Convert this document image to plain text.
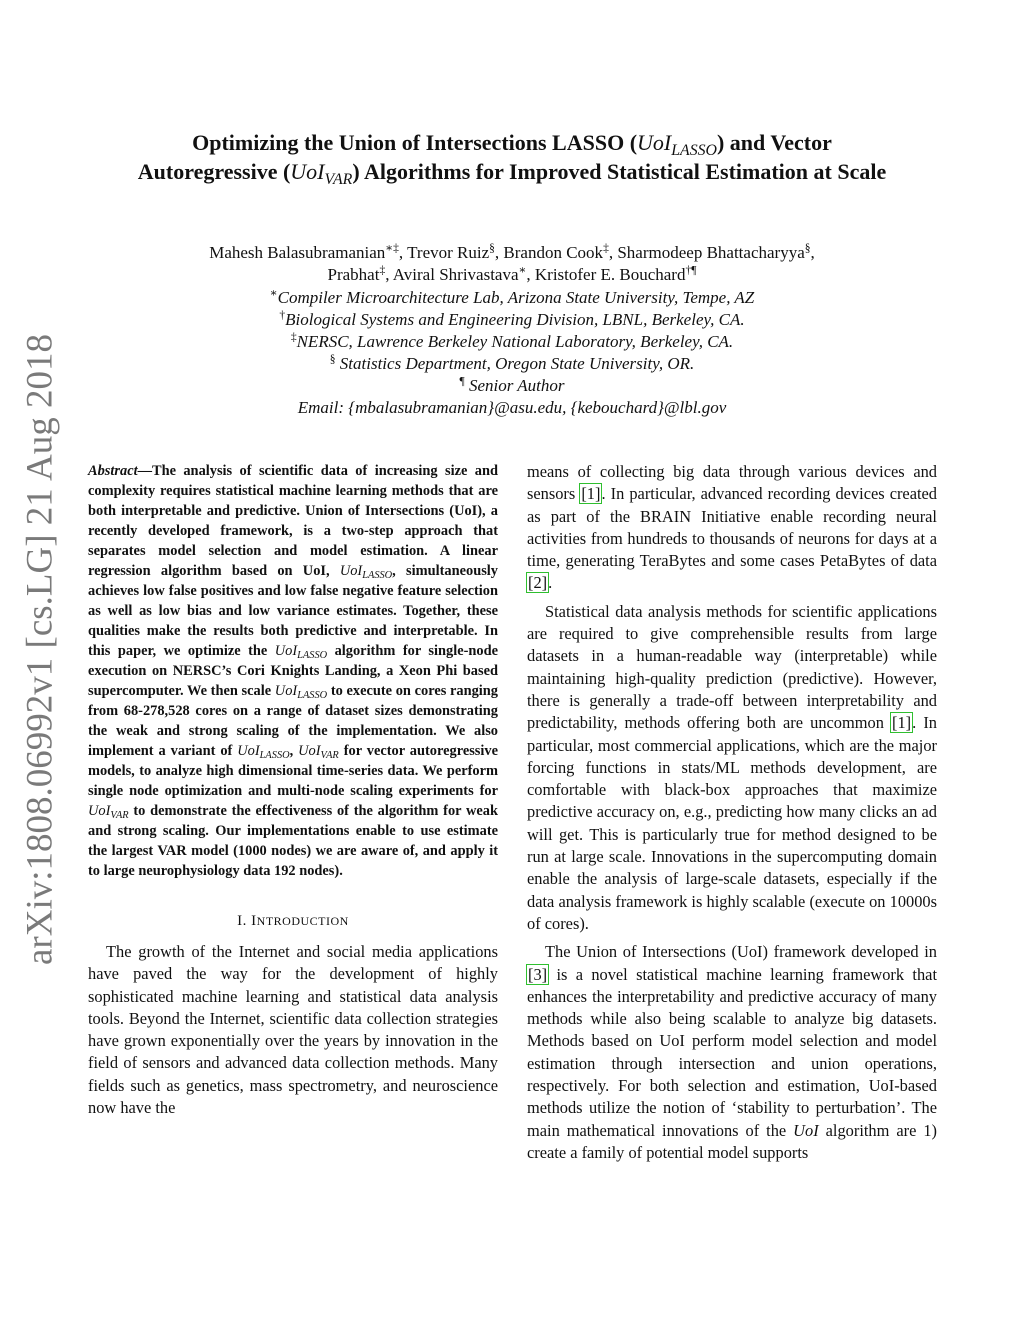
arXiv:1808.06992v1 [cs.LG] 21 Aug 2018
Optimizing the Union of Intersections LASSO (UoI$_{LASSO}$) and Vector
Autoregressive (UoI$_{VAR}$) Algorithms for Improved Statistical Estimation at Scale
Mahesh Balasubramanian∗‡, Trevor Ruiz§, Brandon Cook‡, Sharmodeep Bhattacharyya§,
Prabhat‡, Aviral Shrivastava∗, Kristofer E. Bouchard†¶
∗Compiler Microarchitecture Lab, Arizona State University, Tempe, AZ
†Biological Systems and Engineering Division, LBNL, Berkeley, CA.
‡NERSC, Lawrence Berkeley National Laboratory, Berkeley, CA.
§ Statistics Department, Oregon State University, OR.
¶ Senior Author
Email: {mbalasubramanian}@asu.edu, {kebouchard}@lbl.gov

Abstract—The analysis of scientific data of increasing size and complexity requires statistical machine learning methods that are both interpretable and predictive. Union of Intersections (UoI), a recently developed framework, is a two-step approach that separates model selection and model estimation. A linear regression algorithm based on UoI, UoI$_{LASSO}$, simultaneously achieves low false positives and low false negative feature selection as well as low bias and low variance estimates. Together, these qualities make the results both predictive and interpretable. In this paper, we optimize the UoI$_{LASSO}$ algorithm for single-node execution on NERSC’s Cori Knights Landing, a Xeon Phi based supercomputer. We then scale UoI$_{LASSO}$ to execute on cores ranging from 68-278,528 cores on a range of dataset sizes demonstrating the weak and strong scaling of the implementation. We also implement a variant of UoI$_{LASSO}$, UoI$_{VAR}$ for vector autoregressive models, to analyze high dimensional time-series data. We perform single node optimization and multi-node scaling experiments for UoI$_{VAR}$ to demonstrate the effectiveness of the algorithm for weak and strong scaling. Our implementations enable to use estimate the largest VAR model (1000 nodes) we are aware of, and apply it to large neurophysiology data 192 nodes).

I. INTRODUCTION

The growth of the Internet and social media applications have paved the way for the development of highly sophisticated machine learning and statistical data analysis tools. Beyond the Internet, scientific data collection strategies have grown exponentially over the years by innovation in the field of sensors and advanced data collection methods. Many fields such as genetics, mass spectrometry, and neuroscience now have the

means of collecting big data through various devices and sensors [1]. In particular, advanced recording devices created as part of the BRAIN Initiative enable recording neural activities from hundreds to thousands of neurons for days at a time, generating TeraBytes and some cases PetaBytes of data [2].

Statistical data analysis methods for scientific applications are required to give comprehensible results from large datasets in a human-readable way (interpretable) while maintaining high-quality prediction (predictive). However, there is generally a trade-off between interpretability and predictability, methods offering both are uncommon [1]. In particular, most commercial applications, which are the major forcing functions in stats/ML methods development, are comfortable with black-box approaches that maximize predictive accuracy on, e.g., predicting how many clicks an ad will get. This is particularly true for method designed to be run at large scale. Innovations in the supercomputing domain enable the analysis of large-scale datasets, especially if the data analysis framework is highly scalable (execute on 10000s of cores).

The Union of Intersections (UoI) framework developed in [3] is a novel statistical machine learning framework that enhances the interpretability and predictive accuracy of many methods while also being scalable to analyze big datasets. Methods based on UoI perform model selection and model estimation through intersection and union operations, respectively. For both selection and estimation, UoI-based methods utilize the notion of ‘stability to perturbation’. The main mathematical innovations of the UoI algorithm are 1) create a family of potential model supports
